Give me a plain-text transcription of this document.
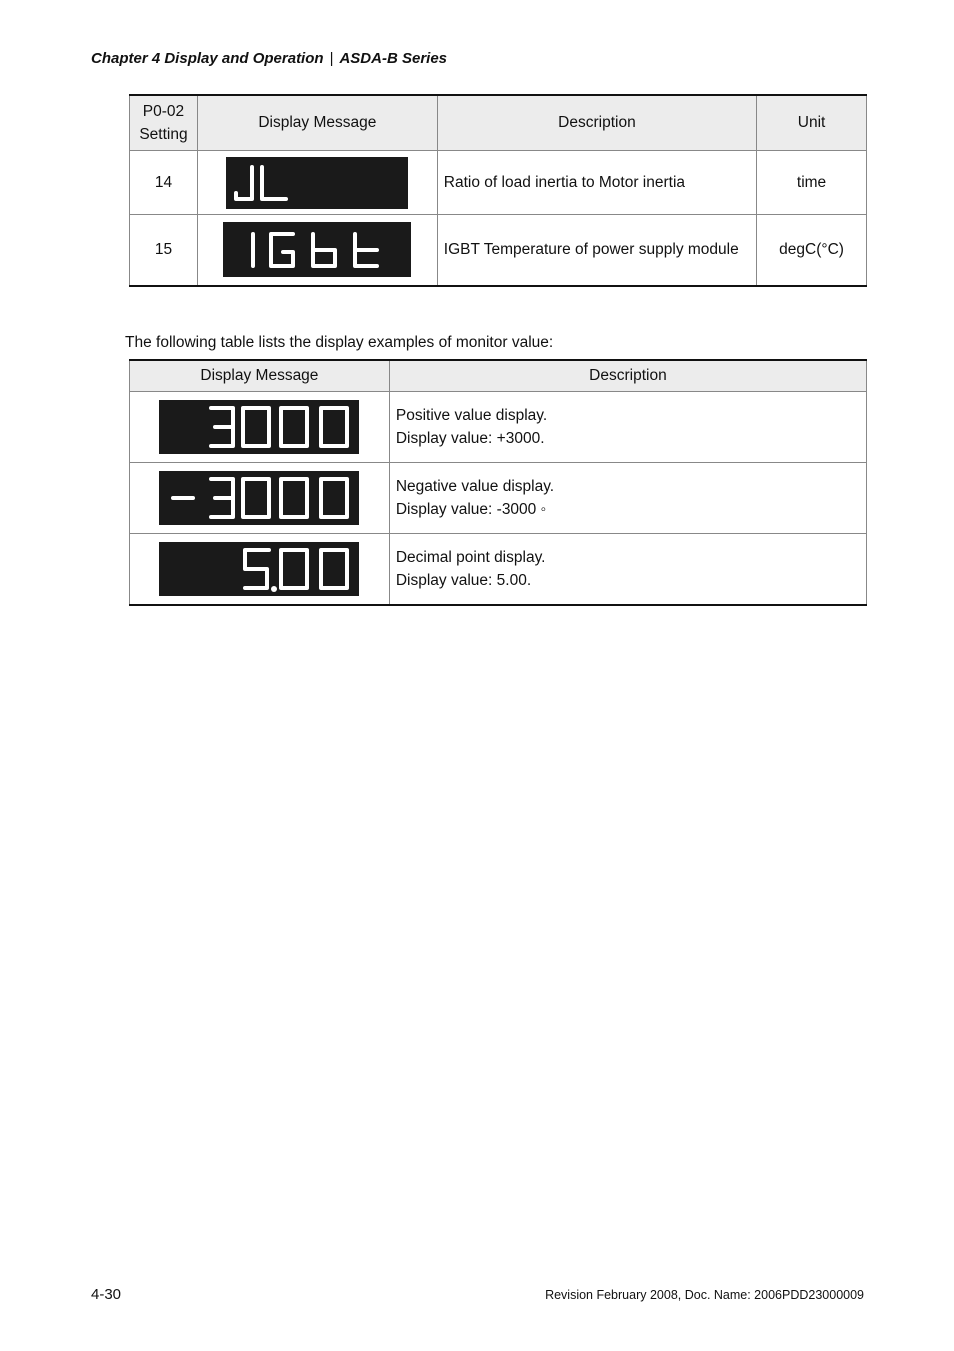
Chapter 4 Display and Operation | ASDA-B Series
P0-02
Setting	Display Message	Description	Unit
14		Ratio of load inertia to Motor inertia	time
15		IGBT Temperature of power supply module	degC(°C)
The following table lists the display examples of monitor value:
Display Message	Description

Positive value display.
Display value: +3000.

Negative value display.
Display value: -3000 ◦

Decimal point display.
Display value: 5.00.
4-30	Revision February 2008, Doc. Name: 2006PDD23000009
